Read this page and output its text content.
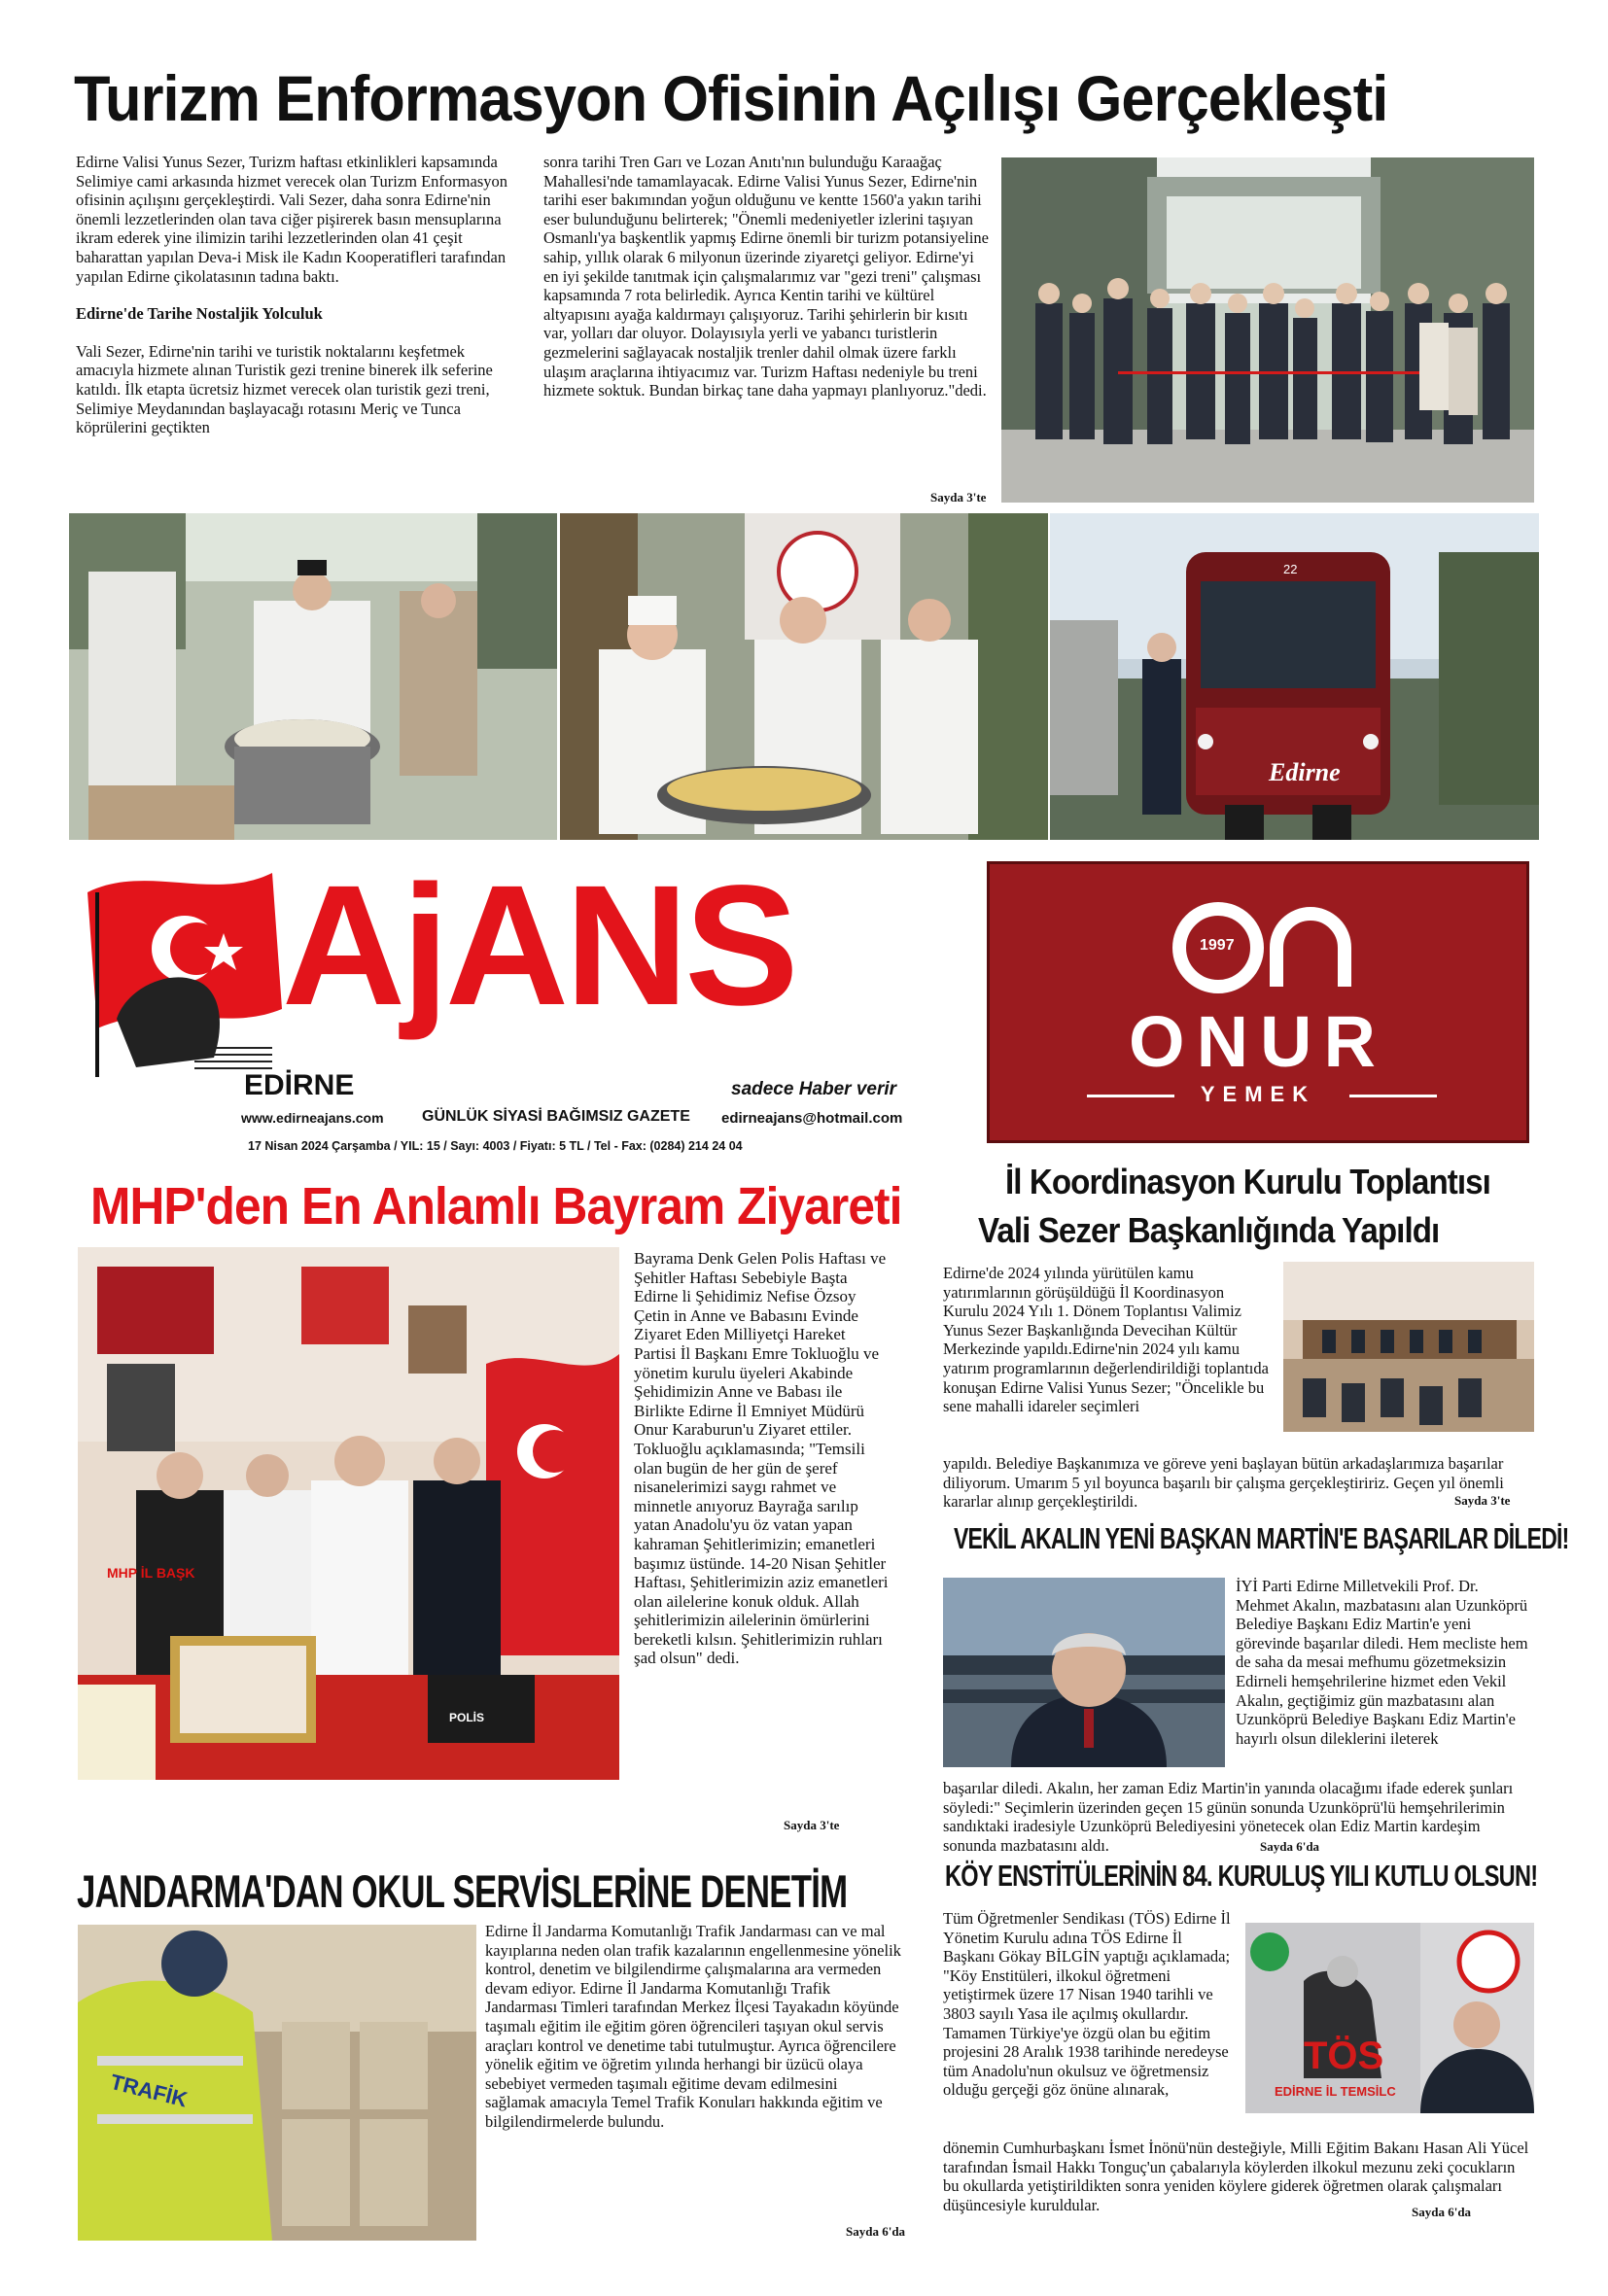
Turizm Enformasyon Ofisinin Açılışı Gerçekleşti

Edirne Valisi Yunus Sezer, Turizm haftası etkinlikleri kapsamında Selimiye cami arkasında hizmet verecek olan Turizm Enformasyon ofisinin açılışını gerçekleştirdi. Vali Sezer, daha sonra Edirne'nin önemli lezzetlerinden olan tava ciğer pişirerek basın mensuplarına ikram ederek yine ilimizin tarihi lezzetlerinden olan 41 çeşit baharattan yapılan Deva-i Misk ile Kadın Kooperatifleri tarafından yapılan Edirne çikolatasının tadına baktı.

Edirne'de Tarihe Nostaljik Yolculuk

Vali Sezer, Edirne'nin tarihi ve turistik noktalarını keşfetmek amacıyla hizmete alınan Turistik gezi trenine binerek ilk seferine katıldı. İlk etapta ücretsiz hizmet verecek olan turistik gezi treni, Selimiye Meydanından başlayacağı rotasını Meriç ve Tunca köprülerini geçtikten

sonra tarihi Tren Garı ve Lozan Anıtı'nın bulunduğu Karaağaç Mahallesi'nde tamamlayacak. Edirne Valisi Yunus Sezer, Edirne'nin tarihi eser bakımından yoğun olduğunu ve kentte 1560'a yakın tarihi eser bulunduğunu belirterek; "Önemli medeniyetler izlerini taşıyan Osmanlı'ya başkentlik yapmış Edirne önemli bir turizm potansiyeline sahip, yıllık olarak 6 milyonun üzerinde ziyaretçi geliyor. Edirne'yi en iyi şekilde tanıtmak için çalışmalarımız var "gezi treni" çalışması kapsamında 7 rota belirledik. Ayrıca Kentin tarihi ve kültürel altyapısını ayağa kaldırmayı çalışıyoruz. Tarihi şehirlerin bir kısıtı var, yolları dar oluyor. Dolayısıyla yerli ve yabancı turistlerin gezmelerini sağlayacak nostaljik trenler dahil olmak üzere farklı ulaşım araçlarına ihtiyacımız var. Turizm Haftası nedeniyle bu treni hizmete soktuk. Bundan birkaç tane daha yapmayı planlıyoruz."dedi.

Sayda 3'te
Edirne
22
AjANS
EDİRNE	sadece Haber verir
www.edirneajans.com GÜNLÜK SİYASİ BAĞIMSIZ GAZETE edirneajans@hotmail.com
17 Nisan 2024 Çarşamba / YIL: 15 / Sayı: 4003 / Fiyatı: 5 TL / Tel - Fax: (0284) 214 24 04
1997
ONUR
YEMEK
MHP'den En Anlamlı Bayram Ziyareti
MHP İL BAŞK
POLİS

Bayrama Denk Gelen Polis Haftası ve Şehitler Haftası Sebebiyle Başta Edirne li Şehidimiz Nefise Özsoy Çetin in Anne ve Babasını Evinde Ziyaret Eden Milliyetçi Hareket Partisi İl Başkanı Emre Tokluoğlu ve yönetim kurulu üyeleri Akabinde Şehidimizin Anne ve Babası ile Birlikte Edirne İl Emniyet Müdürü Onur Karaburun'u Ziyaret ettiler. Tokluoğlu açıklamasında; "Temsili olan bugün de her gün de şeref nisanelerimizi saygı rahmet ve minnetle anıyoruz Bayrağa sarılıp yatan Anadolu'yu öz vatan yapan kahraman Şehitlerimizin; emanetleri başımız üstünde. 14-20 Nisan Şehitler Haftası, Şehitlerimizin aziz emanetleri olan ailelerine konuk olduk. Allah şehitlerimizin ailelerinin ömürlerini bereketli kılsın. Şehitlerimizin ruhları şad olsun" dedi.

Sayda 3'te
İl Koordinasyon Kurulu Toplantısı
Vali Sezer Başkanlığında Yapıldı

Edirne'de 2024 yılında yürütülen kamu yatırımlarının görüşüldüğü İl Koordinasyon Kurulu 2024 Yılı 1. Dönem Toplantısı Valimiz Yunus Sezer Başkanlığında Devecihan Kültür Merkezinde yapıldı.Edirne'nin 2024 yılı kamu yatırım programlarının değerlendirildiği toplantıda konuşan Edirne Valisi Yunus Sezer; "Öncelikle bu sene mahalli idareler seçimleri

yapıldı. Belediye Başkanımıza ve göreve yeni başlayan bütün arkadaşlarımıza başarılar diliyorum. Umarım 5 yıl boyunca başarılı bir çalışma gerçekleştiririz. Geçen yıl önemli kararlar alınıp gerçekleştirildi.	Sayda 3'te
VEKİL AKALIN YENİ BAŞKAN MARTİN'E BAŞARILAR DİLEDİ!

İYİ Parti Edirne Milletvekili Prof. Dr. Mehmet Akalın, mazbatasını alan Uzunköprü Belediye Başkanı Ediz Martin'e yeni görevinde başarılar diledi. Hem mecliste hem de saha da mesai mefhumu gözetmeksizin Edirneli hemşehrilerine hizmet eden Vekil Akalın, geçtiğimiz gün mazbatasını alan Uzunköprü Belediye Başkanı Ediz Martin'e hayırlı olsun dileklerini ileterek

başarılar diledi. Akalın, her zaman Ediz Martin'in yanında olacağımı ifade ederek şunları söyledi:" Seçimlerin üzerinden geçen 15 günün sonunda Uzunköprü'lü hemşehrilerimin sandıktaki iradesiyle Uzunköprü Belediyesini yönetecek olan Ediz Martin kardeşim sonunda mazbatasını aldı.	Sayda 6'da
JANDARMA'DAN OKUL SERVİSLERİNE DENETİM
TRAFİK

Edirne İl Jandarma Komutanlığı Trafik Jandarması can ve mal kayıplarına neden olan trafik kazalarının engellenmesine yönelik kontrol, denetim ve bilgilendirme çalışmalarına ara vermeden devam ediyor. Edirne İl Jandarma Komutanlığı Trafik Jandarması Timleri tarafından Merkez İlçesi Tayakadın köyünde taşımalı eğitim ile eğitim gören öğrencileri taşıyan okul servis araçları kontrol ve denetime tabi tutulmuştur. Ayrıca öğrencilere yönelik eğitim ve öğretim yılında herhangi bir üzücü olaya sebebiyet vermeden taşımalı eğitime devam edilmesini sağlamak amacıyla Temel Trafik Konuları hakkında eğitim ve bilgilendirmelerde bulundu.

Sayda 6'da
KÖY ENSTİTÜLERİNİN 84. KURULUŞ YILI KUTLU OLSUN!

Tüm Öğretmenler Sendikası (TÖS) Edirne İl Yönetim Kurulu adına TÖS Edirne İl Başkanı Gökay BİLGİN yaptığı açıklamada; "Köy Enstitüleri, ilkokul öğretmeni yetiştirmek üzere 17 Nisan 1940 tarihli ve 3803 sayılı Yasa ile açılmış okullardır. Tamamen Türkiye'ye özgü olan bu eğitim projesini 28 Aralık 1938 tarihinde neredeyse tüm Anadolu'nun okulsuz ve öğretmensiz olduğu gerçeği göz önüne alınarak,

TÖS
EDİRNE İL TEMSİLC

dönemin Cumhurbaşkanı İsmet İnönü'nün desteğiyle, Milli Eğitim Bakanı Hasan Ali Yücel tarafından İsmail Hakkı Tonguç'un çabalarıyla köylerden ilkokul mezunu zeki çocukların bu okullarda yetiştirildikten sonra yeniden köylere giderek öğretmen olarak çalışmaları düşüncesiyle kuruldular.	Sayda 6'da
